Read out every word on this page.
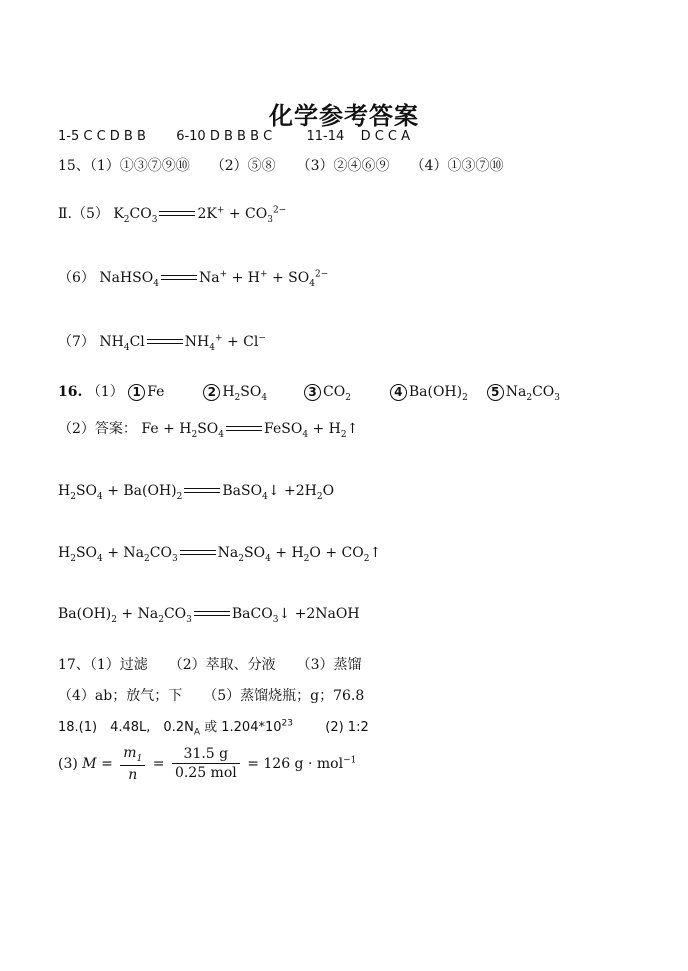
化学参考答案
1-5 C C D B B 6-10 D B B B C	11-14 D C C A
15、（1）①③⑦⑨⑩　　（2）⑤⑧　　（3）②④⑥⑨　　（4）①③⑦⑩
Ⅱ.（5） $K_2CO_3$	$2K^+ + CO_3^{2-}$
（6） NaHSO$_4$	$Na^+ + H^+ + SO_4^{2-}$
（7） $NH_4Cl$	$NH_4^+ + Cl^-$
16. （1） 1 Fe	2 $H_2SO_4$	3 $CO_2$	4 $Ba(OH)_2$ 5 $Na_2CO_3$
（2）答案： $Fe + H_2SO_4$	FeSO$_4$ + $H_2↑$
$H_2SO_4 + Ba(OH)_2$	BaSO$_4$↓ $+2H_2O$
$H_2SO_4 + Na_2CO_3$	$Na_2SO_4 + H_2O$ + $CO_2↑$
$Ba(OH)_2 + Na_2CO_3$	BaCO$_3$↓ +2NaOH
17、（1）过滤　　（2）萃取、分液　　（3）蒸馏
（4）ab；放气；下　　（5）蒸馏烧瓶；g；76.8
18.(1)　4.48L,　$0.2N_A$ 或 $1.204*10^{23}$ (2) 1:2
(3) $M = \frac{m_1}{n} = \frac{31.5 g}{\text{0.25 mol}} = 126$ g · mol$^{-1}$
